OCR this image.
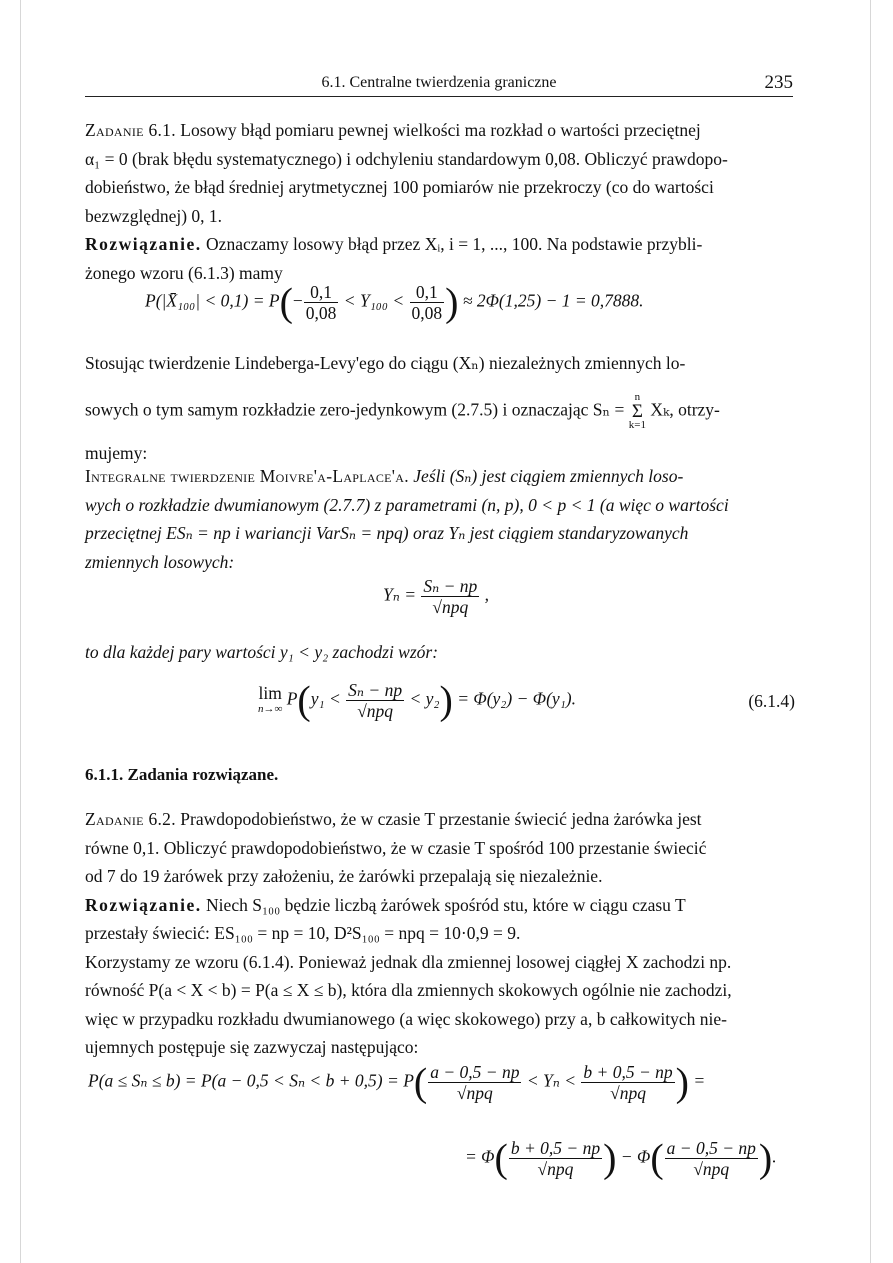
6.1. Centralne twierdzenia graniczne	235

Zadanie 6.1. Losowy błąd pomiaru pewnej wielkości ma rozkład o wartości przeciętnej

α₁ = 0 (brak błędu systematycznego) i odchyleniu standardowym 0,08. Obliczyć prawdopo-

dobieństwo, że błąd średniej arytmetycznej 100 pomiarów nie przekroczy (co do wartości

bezwzględnej) 0, 1.

Rozwiązanie. Oznaczamy losowy błąd przez Xᵢ, i = 1, ..., 100. Na podstawie przybli-

żonego wzoru (6.1.3) mamy

P(|X̄₁₀₀| < $0,1) = P(- \frac{0,1}{0,08} < Y_{100} < \frac{0,1}{0,08}$ ) ≈ 2Φ(1,25) − 1 = 0,7888.

Stosując twierdzenie Lindeberga-Levy'ego do ciągu (Xₙ) niezależnych zmiennych lo-

sowych o tym samym rozkładzie zero-jedynkowym (2.7.5) i oznaczając Sₙ =
n
Σ
k=1
Xₖ, otrzy-

mujemy:

Integralne twierdzenie Moivre'a-Laplace'a. Jeśli (Sₙ) jest ciągiem zmiennych loso-

wych o rozkładzie dwumianowym (2.7.7) z parametrami (n, p), 0 < p < 1 (a więc o wartości

przeciętnej ESₙ = np i wariancji VarSₙ = npq) oraz Yₙ jest ciągiem standaryzowanych

zmiennych losowych:

$Y_n = \frac{\text{Sₙ − np}}{\text{√npq}}$ ,

to dla każdej pary wartości y₁ < y₂ zachodzi wzór:

lim
n→∞ $P(y_1 < \frac{\text{Sₙ − np}}{\text{√npq}} < y_2) = \Phi(y_2) - \Phi(y_1)$.	(6.1.4)
6.1.1. Zadania rozwiązane.

Zadanie 6.2. Prawdopodobieństwo, że w czasie T przestanie świecić jedna żarówka jest

równe 0,1. Obliczyć prawdopodobieństwo, że w czasie T spośród 100 przestanie świecić

od 7 do 19 żarówek przy założeniu, że żarówki przepalają się niezależnie.

Rozwiązanie. Niech S₁₀₀ będzie liczbą żarówek spośród stu, które w ciągu czasu T

przestały świecić: ES₁₀₀ = np = 10, D²S₁₀₀ = npq = 10·0,9 = 9.

Korzystamy ze wzoru (6.1.4). Ponieważ jednak dla zmiennej losowej ciągłej X zachodzi np.

równość P(a < X < b) = P(a ≤ X ≤ b), która dla zmiennych skokowych ogólnie nie zachodzi,

więc w przypadku rozkładu dwumianowego (a więc skokowego) przy a, b całkowitych nie-

ujemnych postępuje się zazwyczaj następująco:

$P(a \le S_n \le b) = P(a - 0,5 < S_n < b + 0,5) = P( \frac{a - 0,5 - np}{\text{√npq}} < Y_n < \frac{b + 0,5 - np}{\text{√npq}}$ ) =
= $\Phi( \frac{b + 0,5 - np}{\text{√npq}}$ ) − $\Phi( \frac{a - 0,5 - np}{\text{√npq}}$ ).
